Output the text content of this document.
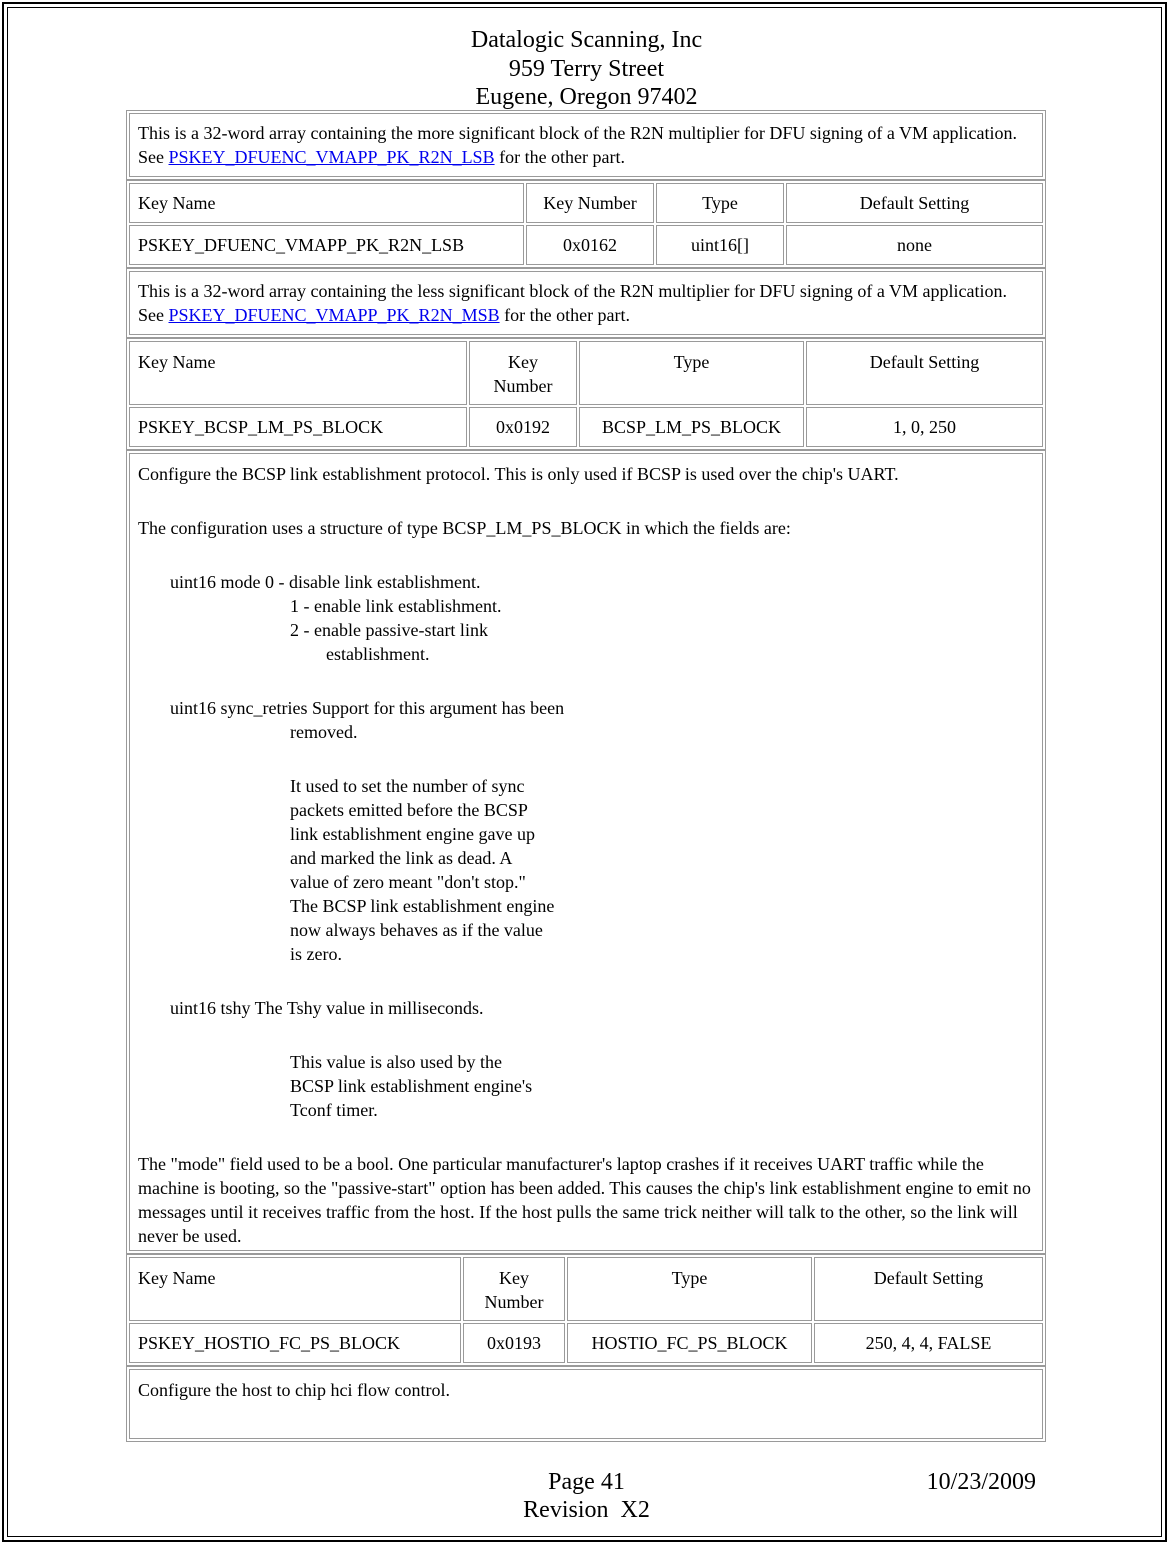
Datalogic Scanning, Inc
959 Terry Street
Eugene, Oregon 97402
This is a 32-word array containing the more significant block of the R2N multiplier for DFU signing of a VM application. See PSKEY_DFUENC_VMAPP_PK_R2N_LSB for the other part.
Key Name	Key Number	Type	Default Setting
PSKEY_DFUENC_VMAPP_PK_R2N_LSB	0x0162	uint16[]	none
This is a 32-word array containing the less significant block of the R2N multiplier for DFU signing of a VM application. See PSKEY_DFUENC_VMAPP_PK_R2N_MSB for the other part.
Key Name	Key
Number	Type	Default Setting
PSKEY_BCSP_LM_PS_BLOCK	0x0192	BCSP_LM_PS_BLOCK	1, 0, 250

Configure the BCSP link establishment protocol. This is only used if BCSP is used over the chip's UART.

The configuration uses a structure of type BCSP_LM_PS_BLOCK in which the fields are:

uint16 mode 0 - disable link establishment.
1 - enable link establishment.
2 - enable passive-start link
establishment.
uint16 sync_retries Support for this argument has been
removed.
It used to set the number of sync
packets emitted before the BCSP
link establishment engine gave up
and marked the link as dead. A
value of zero meant "don't stop."
The BCSP link establishment engine
now always behaves as if the value
is zero.
uint16 tshy The Tshy value in milliseconds.
This value is also used by the
BCSP link establishment engine's
Tconf timer.

The "mode" field used to be a bool. One particular manufacturer's laptop crashes if it receives UART traffic while the machine is booting, so the "passive-start" option has been added. This causes the chip's link establishment engine to emit no messages until it receives traffic from the host. If the host pulls the same trick neither will talk to the other, so the link will never be used.

Key Name	Key
Number	Type	Default Setting
PSKEY_HOSTIO_FC_PS_BLOCK	0x0193	HOSTIO_FC_PS_BLOCK	250, 4, 4, FALSE
Configure the host to chip hci flow control.
Page 41
Revision  X2
10/23/2009
